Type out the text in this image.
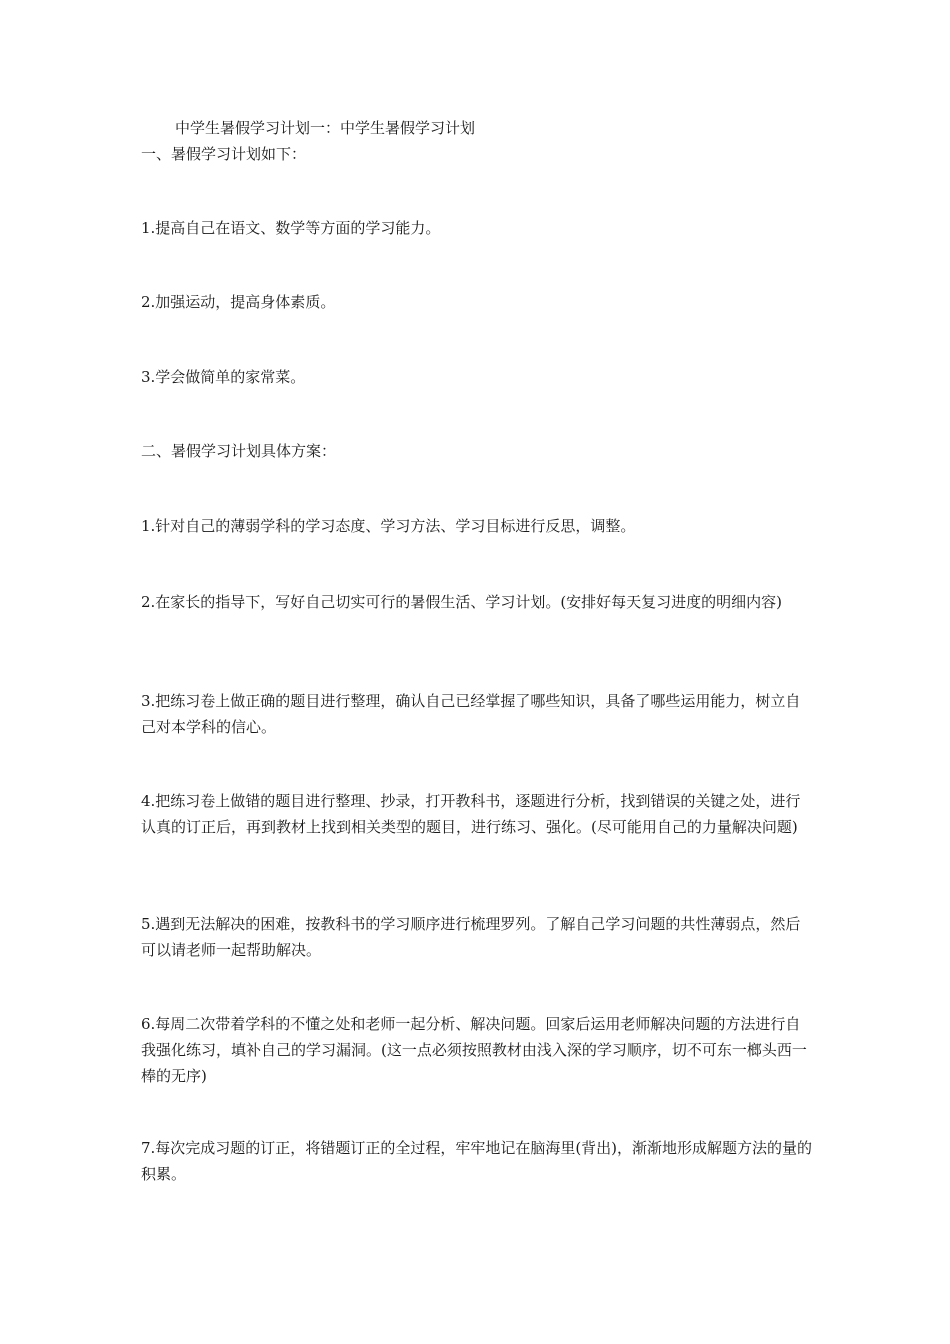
中学生暑假学习计划一：中学生暑假学习计划
一、暑假学习计划如下：
1.提高自己在语文、数学等方面的学习能力。
2.加强运动，提高身体素质。
3.学会做简单的家常菜。
二、暑假学习计划具体方案：
1.针对自己的薄弱学科的学习态度、学习方法、学习目标进行反思，调整。
2.在家长的指导下，写好自己切实可行的暑假生活、学习计划。(安排好每天复习进度的明细内容)
3.把练习卷上做正确的题目进行整理，确认自己已经掌握了哪些知识，具备了哪些运用能力，树立自己对本学科的信心。
4.把练习卷上做错的题目进行整理、抄录，打开教科书，逐题进行分析，找到错误的关键之处，进行认真的订正后，再到教材上找到相关类型的题目，进行练习、强化。(尽可能用自己的力量解决问题)
5.遇到无法解决的困难，按教科书的学习顺序进行梳理罗列。了解自己学习问题的共性薄弱点，然后可以请老师一起帮助解决。
6.每周二次带着学科的不懂之处和老师一起分析、解决问题。回家后运用老师解决问题的方法进行自我强化练习，填补自己的学习漏洞。(这一点必须按照教材由浅入深的学习顺序，切不可东一榔头西一棒的无序)
7.每次完成习题的订正，将错题订正的全过程，牢牢地记在脑海里(背出)，渐渐地形成解题方法的量的积累。
